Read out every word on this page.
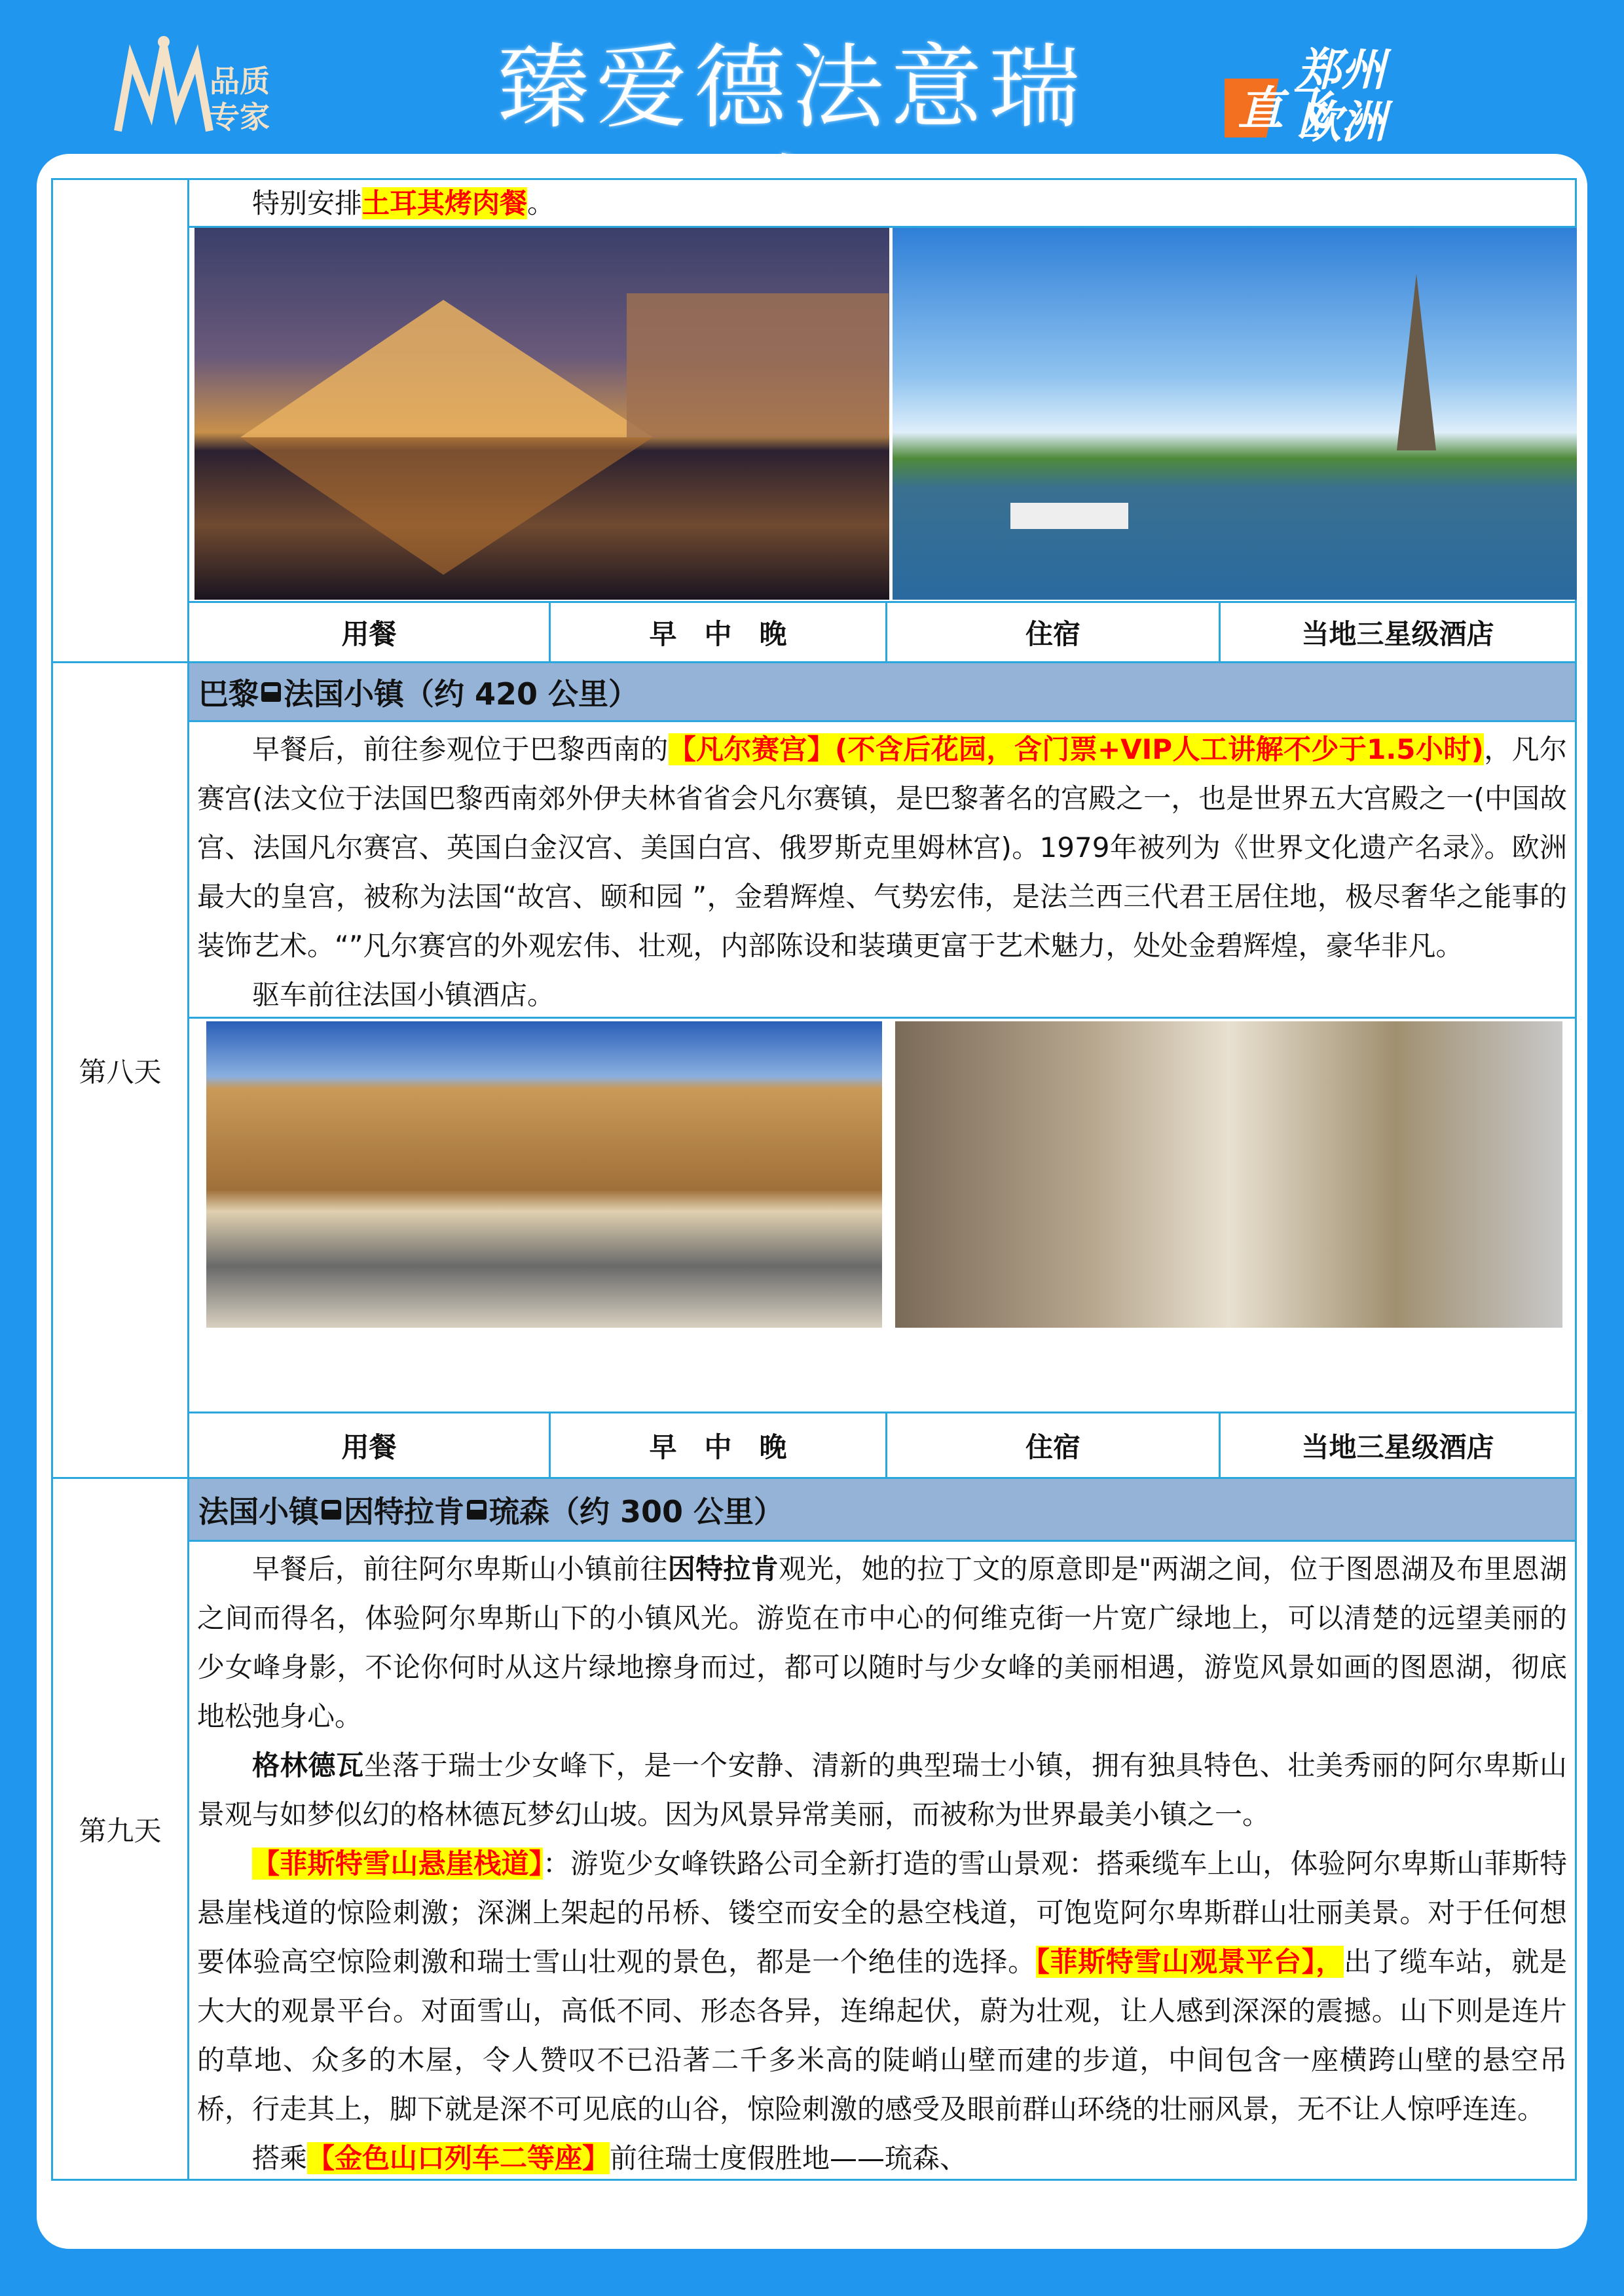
品质
专家	臻爱德法意瑞	郑州
欧洲
直飞

特别安排土耳其烤肉餐。

用餐	早　中　晚	住宿	当地三星级酒店
第八天
巴黎 法国小镇（约 420 公里）

早餐后，前往参观位于巴黎西南的【凡尔赛宫】(不含后花园，含门票+VIP人工讲解不少于1.5小时)，凡尔赛宫(法文位于法国巴黎西南郊外伊夫林省省会凡尔赛镇，是巴黎著名的宫殿之一，也是世界五大宫殿之一(中国故宫、法国凡尔赛宫、英国白金汉宫、美国白宫、俄罗斯克里姆林宫)。1979年被列为《世界文化遗产名录》。欧洲最大的皇宫，被称为法国“故宫、颐和园 ”，金碧辉煌、气势宏伟，是法兰西三代君王居住地，极尽奢华之能事的装饰艺术。“”凡尔赛宫的外观宏伟、壮观，内部陈设和装璜更富于艺术魅力，处处金碧辉煌，豪华非凡。

驱车前往法国小镇酒店。

用餐	早　中　晚	住宿	当地三星级酒店
第九天
法国小镇 因特拉肯 琉森（约 300 公里）

早餐后，前往阿尔卑斯山小镇前往因特拉肯观光，她的拉丁文的原意即是"两湖之间，位于图恩湖及布里恩湖之间而得名，体验阿尔卑斯山下的小镇风光。游览在市中心的何维克街一片宽广绿地上，可以清楚的远望美丽的少女峰身影，不论你何时从这片绿地擦身而过，都可以随时与少女峰的美丽相遇，游览风景如画的图恩湖，彻底地松弛身心。

格林德瓦坐落于瑞士少女峰下，是一个安静、清新的典型瑞士小镇，拥有独具特色、壮美秀丽的阿尔卑斯山景观与如梦似幻的格林德瓦梦幻山坡。因为风景异常美丽，而被称为世界最美小镇之一。

【菲斯特雪山悬崖栈道】：游览少女峰铁路公司全新打造的雪山景观：搭乘缆车上山，体验阿尔卑斯山菲斯特悬崖栈道的惊险刺激；深渊上架起的吊桥、镂空而安全的悬空栈道，可饱览阿尔卑斯群山壮丽美景。对于任何想要体验高空惊险刺激和瑞士雪山壮观的景色，都是一个绝佳的选择。【菲斯特雪山观景平台】，出了缆车站，就是大大的观景平台。对面雪山，高低不同、形态各异，连绵起伏，蔚为壮观，让人感到深深的震撼。山下则是连片的草地、众多的木屋，令人赞叹不已沿著二千多米高的陡峭山壁而建的步道，中间包含一座横跨山壁的悬空吊桥，行走其上，脚下就是深不可见底的山谷，惊险刺激的感受及眼前群山环绕的壮丽风景，无不让人惊呼连连。

搭乘【金色山口列车二等座】前往瑞士度假胜地——琉森、
